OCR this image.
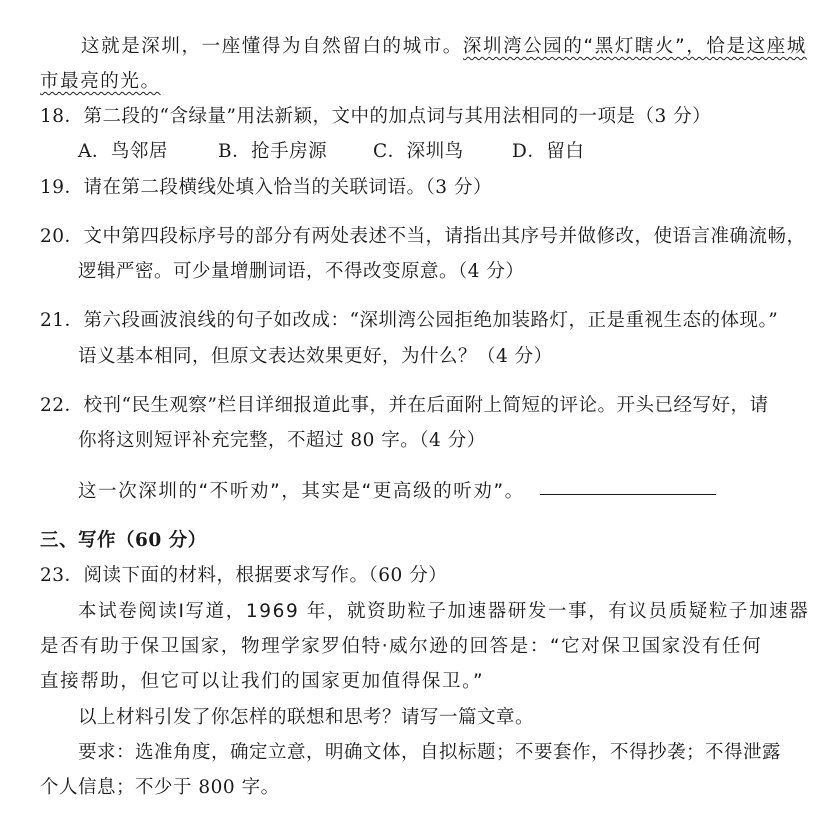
这就是深圳，一座懂得为自然留白的城市。深圳湾公园的“黑灯瞎火”，恰是这座城
市最亮的光。
18．第二段的“含绿量”用法新颖，文中的加点词与其用法相同的一项是（3 分）
A．鸟邻居	B．抢手房源 C．深圳鸟	D．留白
19．请在第二段横线处填入恰当的关联词语。（3 分）
20．文中第四段标序号的部分有两处表述不当，请指出其序号并做修改，使语言准确流畅，
逻辑严密。可少量增删词语，不得改变原意。（4 分）
21．第六段画波浪线的句子如改成：“深圳湾公园拒绝加装路灯，正是重视生态的体现。”
语义基本相同，但原文表达效果更好，为什么？（4 分）
22．校刊“民生观察”栏目详细报道此事，并在后面附上简短的评论。开头已经写好，请
你将这则短评补充完整，不超过 80 字。（4 分）
这一次深圳的“不听劝”，其实是“更高级的听劝”。
三、写作（60 分）
23．阅读下面的材料，根据要求写作。（60 分）
本试卷阅读Ⅰ写道，1969 年，就资助粒子加速器研发一事，有议员质疑粒子加速器
是否有助于保卫国家，物理学家罗伯特·威尔逊的回答是：“它对保卫国家没有任何
直接帮助，但它可以让我们的国家更加值得保卫。”
以上材料引发了你怎样的联想和思考？请写一篇文章。
要求：选准角度，确定立意，明确文体，自拟标题；不要套作，不得抄袭；不得泄露
个人信息；不少于 800 字。
